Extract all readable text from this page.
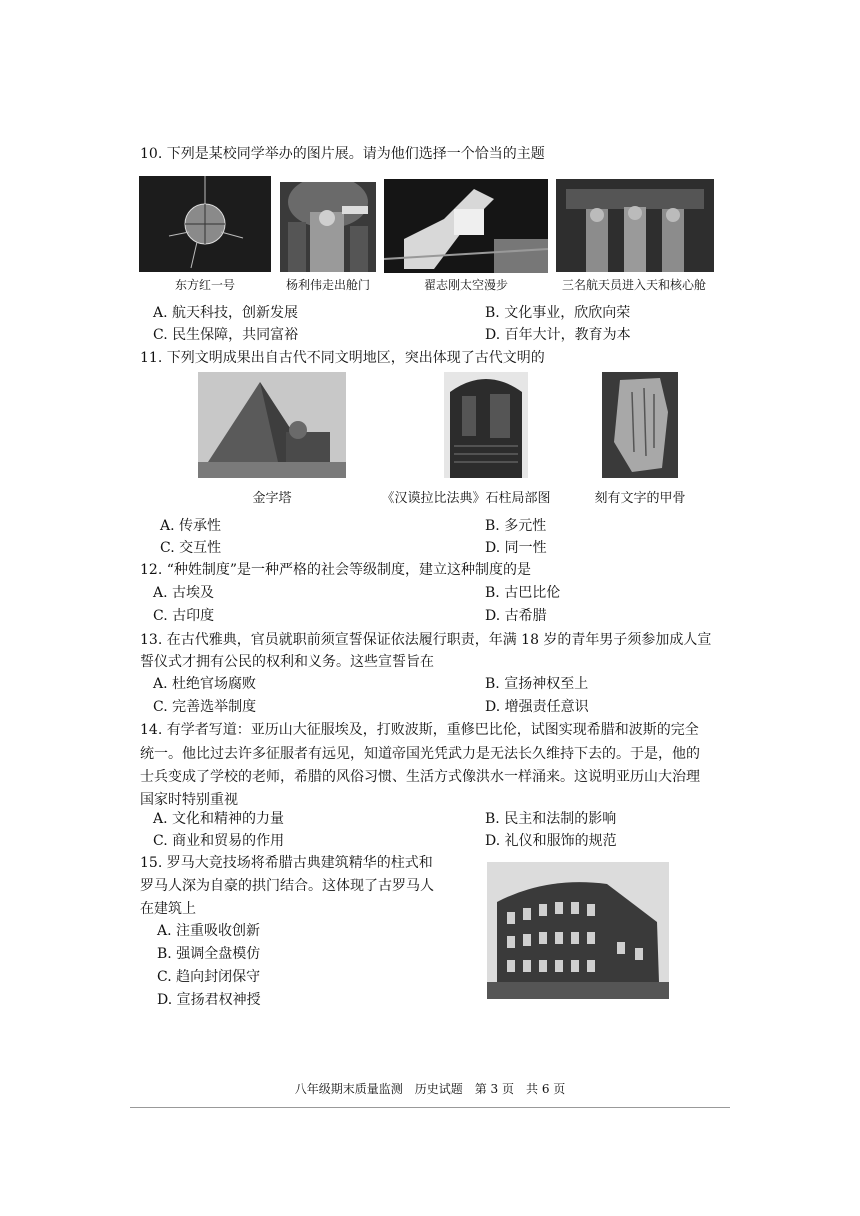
10. 下列是某校同学举办的图片展。请为他们选择一个恰当的主题
东方红一号	杨利伟走出舱门	翟志刚太空漫步	三名航天员进入天和核心舱
A. 航天科技，创新发展	B. 文化事业，欣欣向荣
C. 民生保障，共同富裕	D. 百年大计，教育为本
11. 下列文明成果出自古代不同文明地区，突出体现了古代文明的
金字塔	《汉谟拉比法典》石柱局部图	刻有文字的甲骨
A. 传承性	B. 多元性
C. 交互性	D. 同一性
12. “种姓制度”是一种严格的社会等级制度，建立这种制度的是
A. 古埃及	B. 古巴比伦
C. 古印度	D. 古希腊
13. 在古代雅典，官员就职前须宣誓保证依法履行职责，年满 18 岁的青年男子须参加成人宣
誓仪式才拥有公民的权利和义务。这些宣誓旨在
A. 杜绝官场腐败	B. 宣扬神权至上
C. 完善选举制度	D. 增强责任意识
14. 有学者写道：亚历山大征服埃及，打败波斯，重修巴比伦，试图实现希腊和波斯的完全
统一。他比过去许多征服者有远见，知道帝国光凭武力是无法长久维持下去的。于是，他的
士兵变成了学校的老师，希腊的风俗习惯、生活方式像洪水一样涌来。这说明亚历山大治理
国家时特别重视
A. 文化和精神的力量	B. 民主和法制的影响
C. 商业和贸易的作用	D. 礼仪和服饰的规范
15. 罗马大竞技场将希腊古典建筑精华的柱式和
罗马人深为自豪的拱门结合。这体现了古罗马人
在建筑上
A. 注重吸收创新
B. 强调全盘模仿
C. 趋向封闭保守
D. 宣扬君权神授
八年级期末质量监测　历史试题　第 3 页　共 6 页
